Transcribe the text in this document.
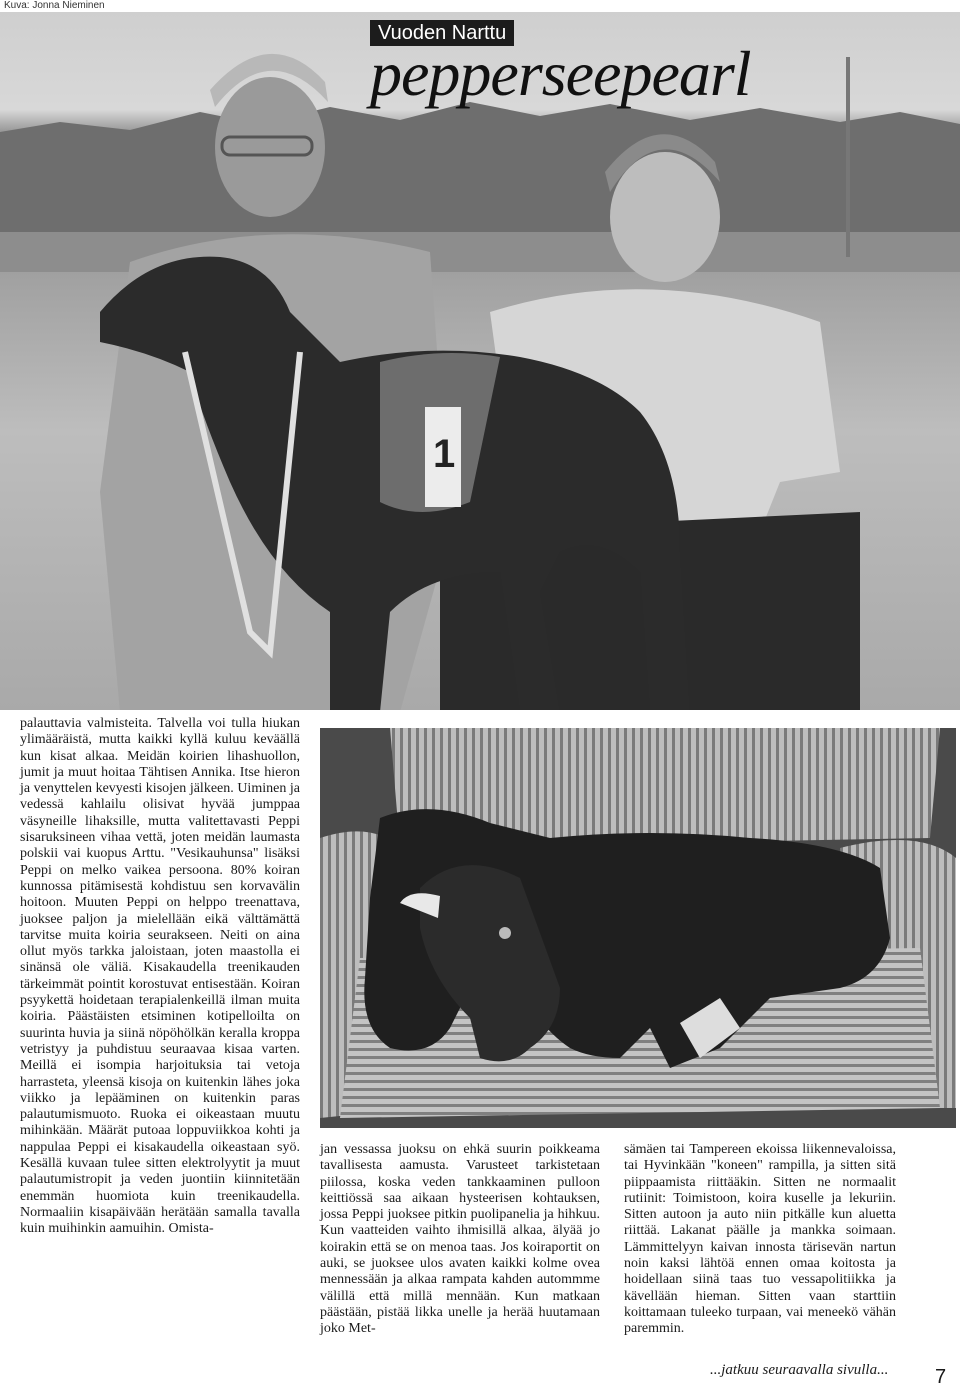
Kuva: Jonna Nieminen
1
Vuoden Narttu
pepperseepearl
palauttavia valmisteita. Talvella voi tulla hiukan ylimääräistä, mutta kaikki kyllä kuluu keväällä kun kisat alkaa. Meidän koirien lihashuollon, jumit ja muut hoitaa Tähtisen Annika. Itse hieron ja venyttelen kevyesti kisojen jälkeen. Uiminen ja vedessä kahlailu olisivat hyvää jumppaa väsyneille lihaksille, mutta valitettavasti Peppi sisaruksineen vihaa vettä, joten meidän laumasta polskii vai kuopus Arttu. "Vesikauhunsa" lisäksi Peppi on melko vaikea persoona. 80% koiran kunnossa pitämisestä kohdistuu sen korvavälin hoitoon. Muuten Peppi on helppo treenattava, juoksee paljon ja mielellään eikä välttämättä tarvitse muita koiria seurakseen. Neiti on aina ollut myös tarkka jaloistaan, joten maastolla ei sinänsä ole väliä. Kisakaudella treenikauden tärkeimmät pointit korostuvat entisestään. Koiran psyykettä hoidetaan terapialenkeillä ilman muita koiria. Päästäisten etsiminen kotipelloilta on suurinta huvia ja siinä nöpöhölkän keralla kroppa vetristyy ja puhdistuu seuraavaa kisaa varten. Meillä ei isompia harjoituksia tai vetoja harrasteta, yleensä kisoja on kuitenkin lähes joka viikko ja lepääminen on kuitenkin paras palautumismuoto. Ruoka ei oikeastaan muutu mihinkään. Määrät putoaa loppuviikkoa kohti ja nappulaa Peppi ei kisakaudella oikeastaan syö. Kesällä kuvaan tulee sitten elektrolyytit ja muut palautumistropit ja veden juontiin kiinnitetään enemmän huomiota kuin treenikaudella. Normaaliin kisapäivään herätään samalla tavalla kuin muihinkin aamuihin. Omista-
jan vessassa juoksu on ehkä suurin poikkeama tavallisesta aamusta. Varusteet tarkistetaan piilossa, koska veden tankkaaminen pulloon keittiössä saa aikaan hysteerisen kohtauksen, jossa Peppi juoksee pitkin puolipanelia ja hihkuu. Kun vaatteiden vaihto ihmisillä alkaa, älyää jo koirakin että se on menoa taas. Jos koiraportit on auki, se juoksee ulos avaten kaikki kolme ovea mennessään ja alkaa rampata kahden autommme välillä että millä mennään. Kun matkaan päästään, pistää likka unelle ja herää huutamaan joko Met-
sämäen tai Tampereen ekoissa liikennevaloissa, tai Hyvinkään "koneen" rampilla, ja sitten sitä piippaamista riittääkin. Sitten ne normaalit rutiinit: Toimistoon, koira kuselle ja lekuriin. Sitten autoon ja auto niin pitkälle kun aluetta riittää. Lakanat päälle ja mankka soimaan. Lämmittelyyn kaivan innosta tärisevän nartun noin kaksi lähtöä ennen omaa koitosta ja hoidellaan siinä taas tuo vessapolitiikka ja kävellään hieman. Sitten vaan starttiin koittamaan tuleeko turpaan, vai meneekö vähän paremmin.
...jatkuu seuraavalla sivulla... 7
